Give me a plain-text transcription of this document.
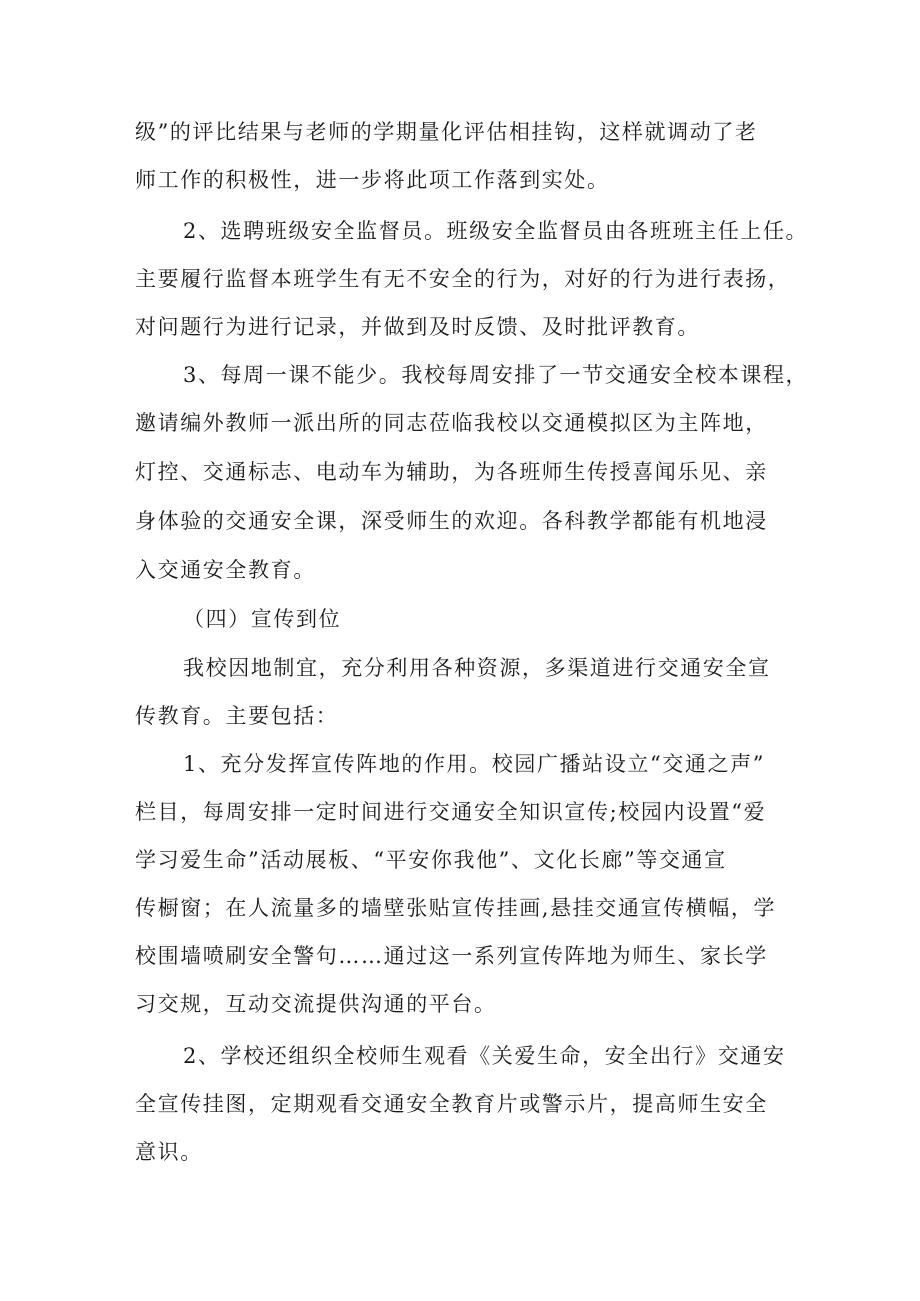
级”的评比结果与老师的学期量化评估相挂钩，这样就调动了老
师工作的积极性，进一步将此项工作落到实处。
2、选聘班级安全监督员。班级安全监督员由各班班主任上任。
主要履行监督本班学生有无不安全的行为，对好的行为进行表扬，
对问题行为进行记录，并做到及时反馈、及时批评教育。
3、每周一课不能少。我校每周安排了一节交通安全校本课程，
邀请编外教师一派出所的同志莅临我校以交通模拟区为主阵地，
灯控、交通标志、电动车为辅助，为各班师生传授喜闻乐见、亲
身体验的交通安全课，深受师生的欢迎。各科教学都能有机地浸
入交通安全教育。
（四）宣传到位
我校因地制宜，充分利用各种资源，多渠道进行交通安全宣
传教育。主要包括：
1、充分发挥宣传阵地的作用。校园广播站设立“交通之声”
栏目，每周安排一定时间进行交通安全知识宣传;校园内设置“爱
学习爱生命”活动展板、“平安你我他”、文化长廊”等交通宣
传橱窗；在人流量多的墙壁张贴宣传挂画,悬挂交通宣传横幅，学
校围墙喷刷安全警句……通过这一系列宣传阵地为师生、家长学
习交规，互动交流提供沟通的平台。
2、学校还组织全校师生观看《关爱生命，安全出行》交通安
全宣传挂图，定期观看交通安全教育片或警示片，提高师生安全
意识。
